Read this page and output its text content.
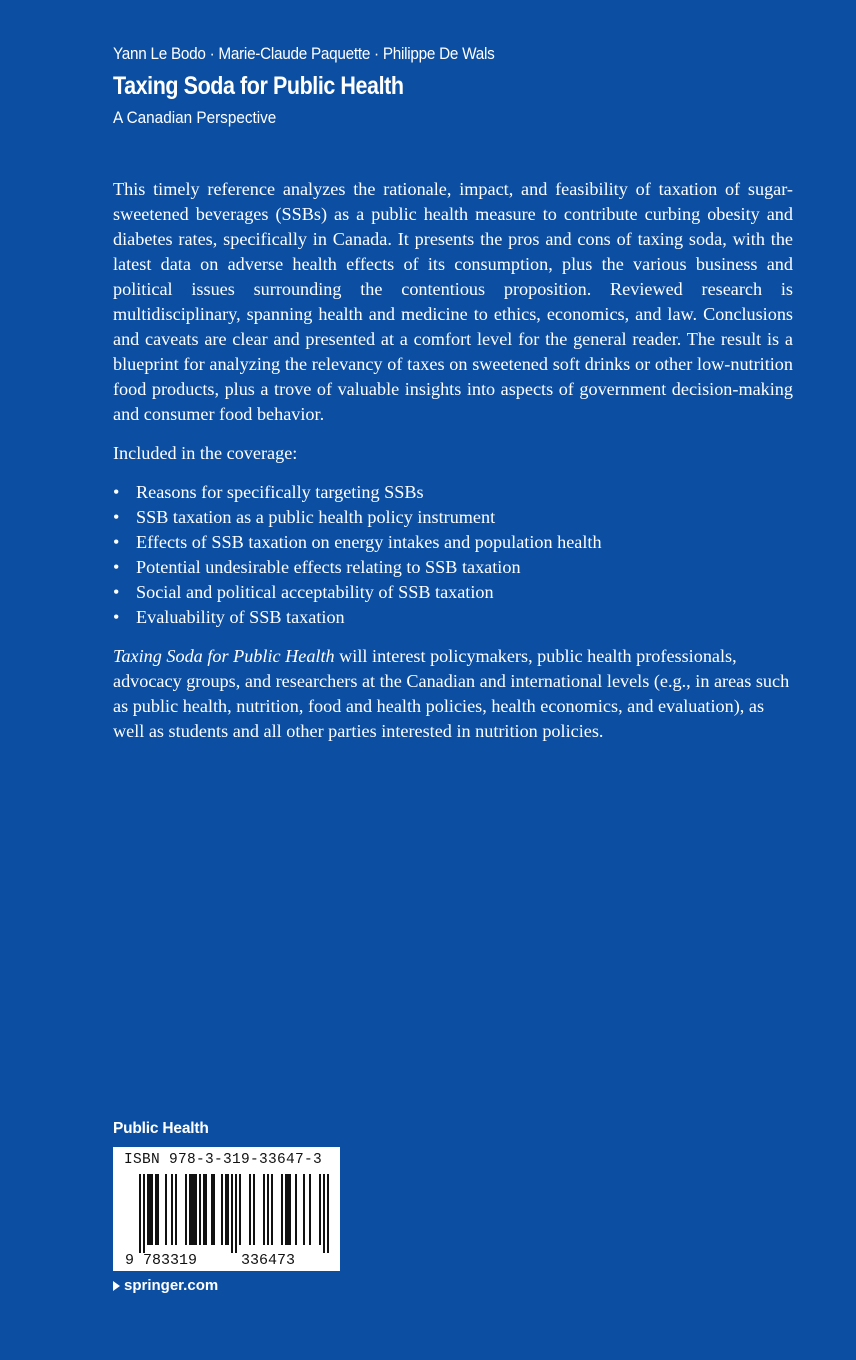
Yann Le Bodo · Marie-Claude Paquette · Philippe De Wals
Taxing Soda for Public Health
A Canadian Perspective

This timely reference analyzes the rationale, impact, and feasibility of taxation of sugar-sweetened beverages (SSBs) as a public health measure to contribute curbing obesity and diabetes rates, specifically in Canada. It presents the pros and cons of taxing soda, with the latest data on adverse health effects of its consumption, plus the various business and political issues surrounding the contentious proposition. Reviewed research is multidisciplinary, spanning health and medicine to ethics, economics, and law. Conclusions and caveats are clear and presented at a comfort level for the general reader. The result is a blueprint for analyzing the relevancy of taxes on sweetened soft drinks or other low-nutrition food products, plus a trove of valuable insights into aspects of government decision-making and consumer food behavior.

Included in the coverage:

• Reasons for specifically targeting SSBs
• SSB taxation as a public health policy instrument
• Effects of SSB taxation on energy intakes and population health
• Potential undesirable effects relating to SSB taxation
• Social and political acceptability of SSB taxation
• Evaluability of SSB taxation

Taxing Soda for Public Health will interest policymakers, public health professionals, advocacy groups, and researchers at the Canadian and international levels (e.g., in areas such as public health, nutrition, food and health policies, health economics, and evaluation), as well as students and all other parties interested in nutrition policies.

Public Health
ISBN 978-3-319-33647-3
9 783319	336473
springer.com
